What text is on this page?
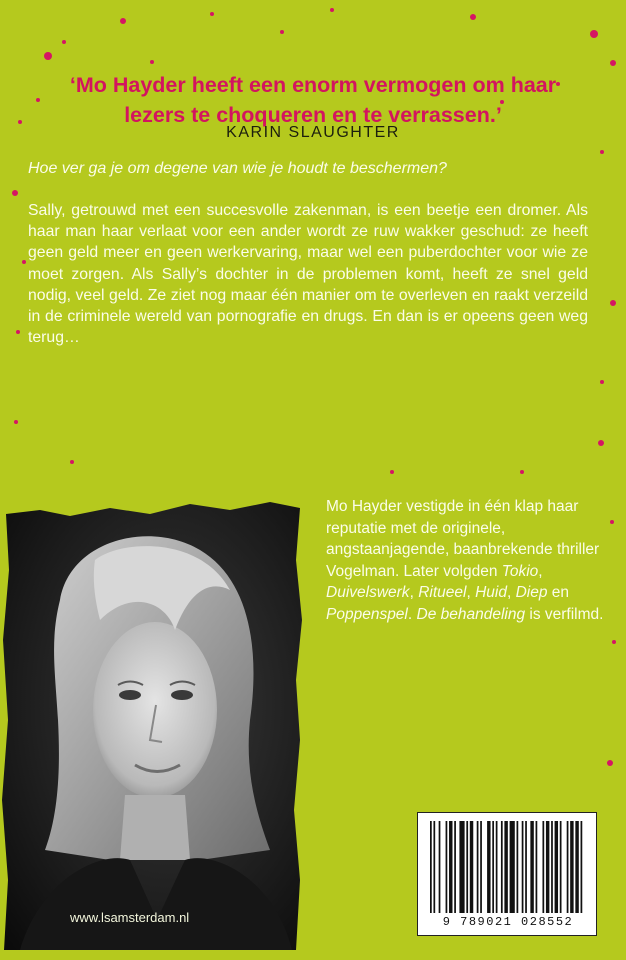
‘Mo Hayder heeft een enorm vermogen om haar
lezers te choqueren en te verrassen.’
KARIN SLAUGHTER
Hoe ver ga je om degene van wie je houdt te beschermen?

Sally, getrouwd met een succesvolle zakenman, is een beetje een dromer. Als haar man haar verlaat voor een ander wordt ze ruw wakker geschud: ze heeft geen geld meer en geen werkervaring, maar wel een puberdochter voor wie ze moet zorgen. Als Sally’s dochter in de problemen komt, heeft ze snel geld nodig, veel geld. Ze ziet nog maar één manier om te overleven en raakt verzeild in de criminele wereld van pornografie en drugs. En dan is er opeens geen weg terug…

Mo Hayder vestigde in één klap haar reputatie met de originele, angstaanjagende, baanbrekende thriller Vogelman. Later volgden Tokio, Duivelswerk, Ritueel, Huid, Diep en Poppenspel. De behandeling is verfilmd.
www.lsamsterdam.nl	9 789021 028552
